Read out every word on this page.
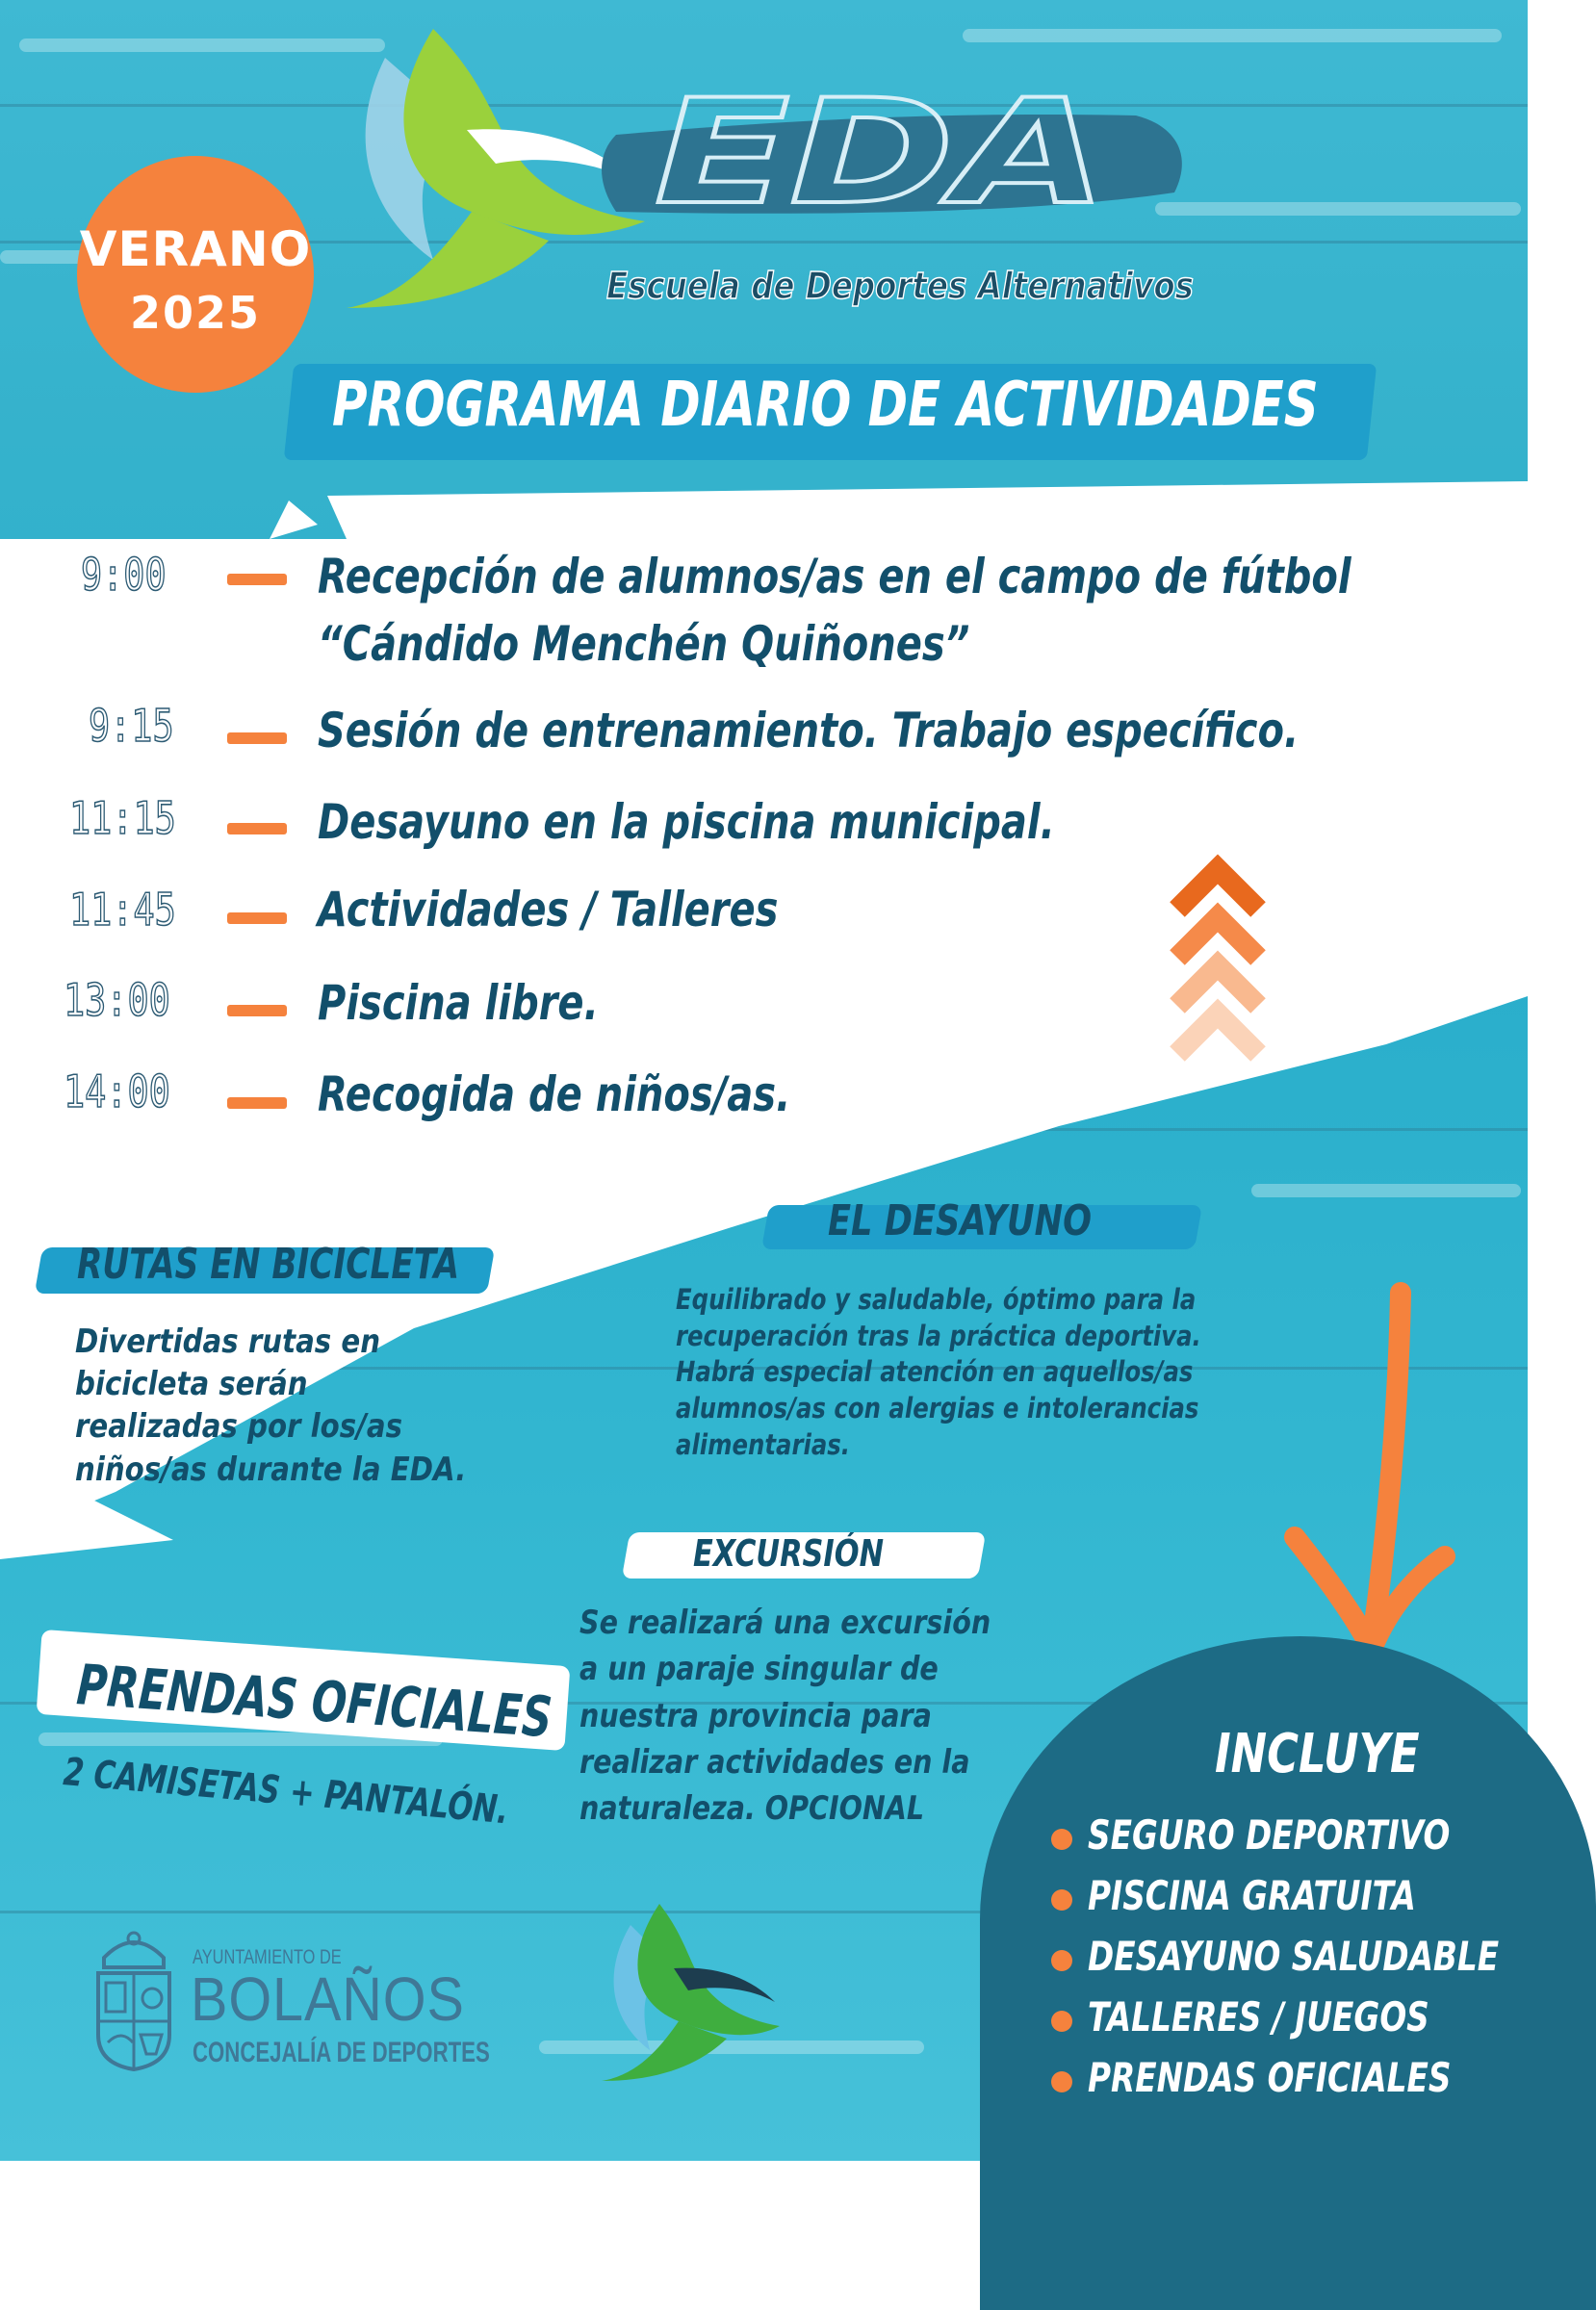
EDA
Escuela de Deportes Alternativos
VERANO
2025
PROGRAMA DIARIO DE ACTIVIDADES
9:00	Recepción de alumnos/as en el campo de fútbol
“Cándido Menchén Quiñones”
9:15	Sesión de entrenamiento. Trabajo específico.
11:15	Desayuno en la piscina municipal.
11:45	Actividades / Talleres
13:00	Piscina libre.
14:00	Recogida de niños/as.
EL DESAYUNO
Equilibrado y saludable, óptimo para la
recuperación tras la práctica deportiva.
Habrá especial atención en aquellos/as
alumnos/as con alergias e intolerancias
alimentarias.
RUTAS EN BICICLETA
Divertidas rutas en
bicicleta serán
realizadas por los/as
niños/as durante la EDA.
EXCURSIÓN
Se realizará una excursión
a un paraje singular de
nuestra provincia para
realizar actividades en la
naturaleza. OPCIONAL
PRENDAS OFICIALES
2 CAMISETAS + PANTALÓN.	INCLUYE
SEGURO DEPORTIVO
PISCINA GRATUITA
DESAYUNO SALUDABLE
TALLERES / JUEGOS
PRENDAS OFICIALES
AYUNTAMIENTO DE
BOLAÑOS
CONCEJALÍA DE DEPORTES
